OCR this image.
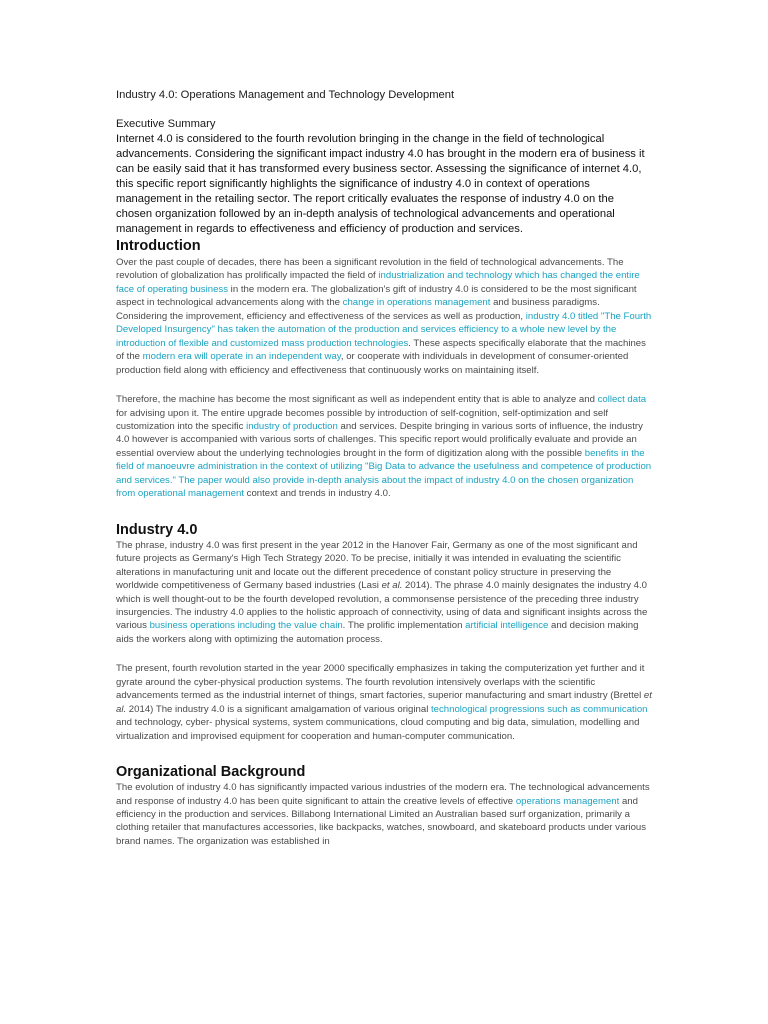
Industry 4.0: Operations Management and Technology Development

Executive Summary

Internet 4.0 is considered to the fourth revolution bringing in the change in the field of technological advancements. Considering the significant impact industry 4.0 has brought in the modern era of business it can be easily said that it has transformed every business sector. Assessing the significance of internet 4.0, this specific report significantly highlights the significance of industry 4.0 in context of operations management in the retailing sector. The report critically evaluates the response of industry 4.0 on the chosen organization followed by an in-depth analysis of technological advancements and operational management in regards to effectiveness and efficiency of production and services.

Introduction

Over the past couple of decades, there has been a significant revolution in the field of technological advancements. The revolution of globalization has prolifically impacted the field of industrialization and technology which has changed the entire face of operating business in the modern era. The globalization's gift of industry 4.0 is considered to be the most significant aspect in technological advancements along with the change in operations management and business paradigms. Considering the improvement, efficiency and effectiveness of the services as well as production, industry 4.0 titled "The Fourth Developed Insurgency" has taken the automation of the production and services efficiency to a whole new level by the introduction of flexible and customized mass production technologies. These aspects specifically elaborate that the machines of the modern era will operate in an independent way, or cooperate with individuals in development of consumer-oriented production field along with efficiency and effectiveness that continuously works on maintaining itself.

Therefore, the machine has become the most significant as well as independent entity that is able to analyze and collect data for advising upon it. The entire upgrade becomes possible by introduction of self-cognition, self-optimization and self customization into the specific industry of production and services. Despite bringing in various sorts of influence, the industry 4.0 however is accompanied with various sorts of challenges. This specific report would prolifically evaluate and provide an essential overview about the underlying technologies brought in the form of digitization along with the possible benefits in the field of manoeuvre administration in the context of utilizing "Big Data to advance the usefulness and competence of production and services." The paper would also provide in-depth analysis about the impact of industry 4.0 on the chosen organization from operational management context and trends in industry 4.0.

Industry 4.0

The phrase, industry 4.0 was first present in the year 2012 in the Hanover Fair, Germany as one of the most significant and future projects as Germany's High Tech Strategy 2020. To be precise, initially it was intended in evaluating the scientific alterations in manufacturing unit and locate out the different precedence of constant policy structure in preserving the worldwide competitiveness of Germany based industries (Lasi et al. 2014). The phrase 4.0 mainly designates the industry 4.0 which is well thought-out to be the fourth developed revolution, a commonsense persistence of the preceding three industry insurgencies. The industry 4.0 applies to the holistic approach of connectivity, using of data and significant insights across the various business operations including the value chain. The prolific implementation artificial intelligence and decision making aids the workers along with optimizing the automation process.

The present, fourth revolution started in the year 2000 specifically emphasizes in taking the computerization yet further and it gyrate around the cyber-physical production systems. The fourth revolution intensively overlaps with the scientific advancements termed as the industrial internet of things, smart factories, superior manufacturing and smart industry (Brettel et al. 2014) The industry 4.0 is a significant amalgamation of various original technological progressions such as communication and technology, cyber- physical systems, system communications, cloud computing and big data, simulation, modelling and virtualization and improvised equipment for cooperation and human-computer communication.

Organizational Background

The evolution of industry 4.0 has significantly impacted various industries of the modern era. The technological advancements and response of industry 4.0 has been quite significant to attain the creative levels of effective operations management and efficiency in the production and services. Billabong International Limited an Australian based surf organization, primarily a clothing retailer that manufactures accessories, like backpacks, watches, snowboard, and skateboard products under various brand names. The organization was established in
